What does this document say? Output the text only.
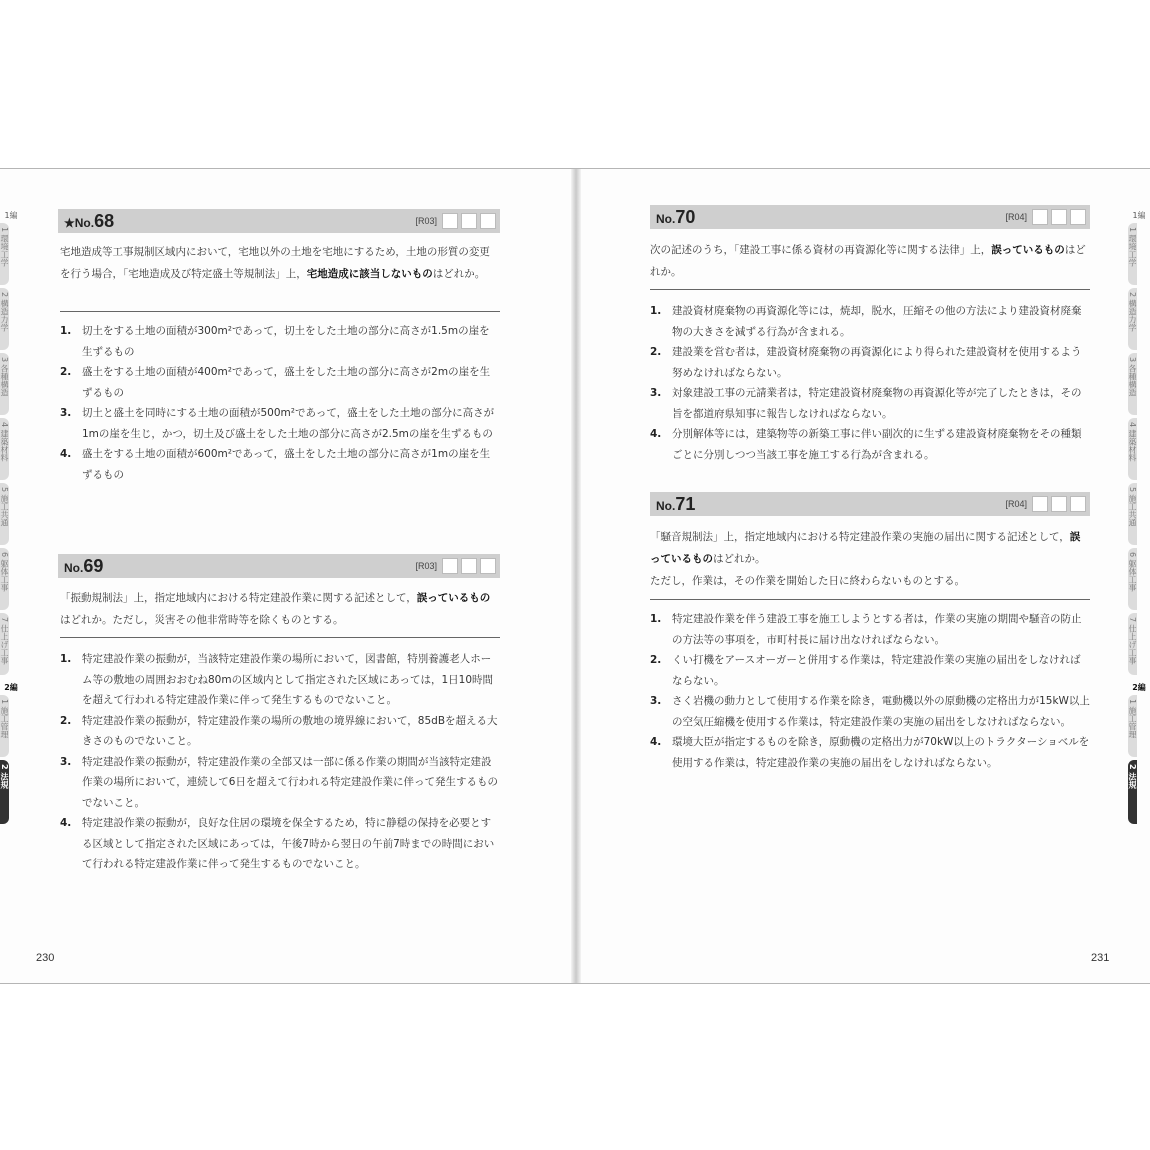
1編
1 環境工学
2 構造力学
3 各種構造
4 建築材料
5 施工共通
6 躯体工事
7 仕上げ工事
2編
1 施工管理
2 法規
★No.68	[R03]
宅地造成等工事規制区域内において，宅地以外の土地を宅地にするため，土地の形質の変更を行う場合，「宅地造成及び特定盛土等規制法」上，宅地造成に該当しないものはどれか。
1.	切土をする土地の面積が300m²であって，切土をした土地の部分に高さが1.5mの崖を生ずるもの
2.	盛土をする土地の面積が400m²であって，盛土をした土地の部分に高さが2mの崖を生ずるもの
3.	切土と盛土を同時にする土地の面積が500m²であって，盛土をした土地の部分に高さが1mの崖を生じ，かつ，切土及び盛土をした土地の部分に高さが2.5mの崖を生ずるもの
4.	盛土をする土地の面積が600m²であって，盛土をした土地の部分に高さが1mの崖を生ずるもの
No.69	[R03]
「振動規制法」上，指定地域内における特定建設作業に関する記述として，誤っているものはどれか。ただし，災害その他非常時等を除くものとする。
1.	特定建設作業の振動が，当該特定建設作業の場所において，図書館，特別養護老人ホーム等の敷地の周囲おおむね80mの区域内として指定された区域にあっては，1日10時間を超えて行われる特定建設作業に伴って発生するものでないこと。
2.	特定建設作業の振動が，特定建設作業の場所の敷地の境界線において，85dBを超える大きさのものでないこと。
3.	特定建設作業の振動が，特定建設作業の全部又は一部に係る作業の期間が当該特定建設作業の場所において，連続して6日を超えて行われる特定建設作業に伴って発生するものでないこと。
4.	特定建設作業の振動が，良好な住居の環境を保全するため，特に静穏の保持を必要とする区域として指定された区域にあっては，午後7時から翌日の午前7時までの時間において行われる特定建設作業に伴って発生するものでないこと。
230
1編
1 環境工学
2 構造力学
3 各種構造
4 建築材料
5 施工共通
6 躯体工事
7 仕上げ工事
2編
1 施工管理
2 法規
No.70	[R04]
次の記述のうち，「建設工事に係る資材の再資源化等に関する法律」上，誤っているものはどれか。
1.	建設資材廃棄物の再資源化等には，焼却，脱水，圧縮その他の方法により建設資材廃棄物の大きさを減ずる行為が含まれる。
2.	建設業を営む者は，建設資材廃棄物の再資源化により得られた建設資材を使用するよう努めなければならない。
3.	対象建設工事の元請業者は，特定建設資材廃棄物の再資源化等が完了したときは，その旨を都道府県知事に報告しなければならない。
4.	分別解体等には，建築物等の新築工事に伴い副次的に生ずる建設資材廃棄物をその種類ごとに分別しつつ当該工事を施工する行為が含まれる。
No.71	[R04]
「騒音規制法」上，指定地域内における特定建設作業の実施の届出に関する記述として，誤っているものはどれか。
ただし，作業は，その作業を開始した日に終わらないものとする。
1.	特定建設作業を伴う建設工事を施工しようとする者は，作業の実施の期間や騒音の防止の方法等の事項を，市町村長に届け出なければならない。
2.	くい打機をアースオーガーと併用する作業は，特定建設作業の実施の届出をしなければならない。
3.	さく岩機の動力として使用する作業を除き，電動機以外の原動機の定格出力が15kW以上の空気圧縮機を使用する作業は，特定建設作業の実施の届出をしなければならない。
4.	環境大臣が指定するものを除き，原動機の定格出力が70kW以上のトラクターショベルを使用する作業は，特定建設作業の実施の届出をしなければならない。
231
